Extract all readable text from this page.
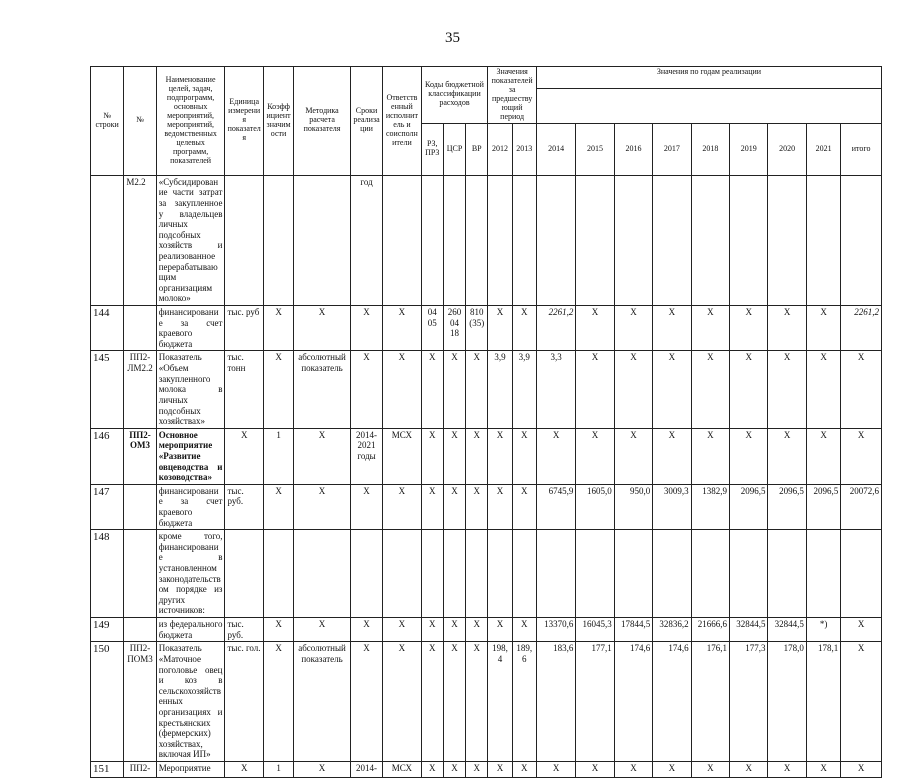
35
№ строки	№	Наименование целей, задач, подпрограмм, основных мероприятий, мероприятий, ведомственных целевых программ, показателей	Единица измерения показателя	Коэффициент значимости	Методика расчета показателя	Сроки реализации	Ответственный исполнитель и соисполнители	Коды бюджетной классификации расходов			Значения показателей за предшествующий период		Значения по годам реализации								

								РЗ, ПР3	ЦСР	ВР	2012	2013	2014	2015	2016	2017	2018	2019	2020	2021	итого
	М2.2	«Субсидирование части затрат за закупленное у владельцев личных подсобных хозяйств и реализованное перерабатывающим организациям молоко»				год															
144		финансирование за счет краевого бюджета	тыс. руб	X	X	X	X	04 05	26004 18	810 (35)	X	X	2261,2	X	X	X	X	X	X	X	2261,2
145	ПП2-ЛМ2.2	Показатель «Объем закупленного молока в личных подсобных хозяйствах»	тыс. тонн	X	абсолютный показатель	X	X	X	X	X	3,9	3,9	3,3	X	X	X	X	X	X	X	X
146	ПП2-ОМ3	Основное мероприятие «Развитие овцеводства и козоводства»	X	1	X	2014-2021 годы	МСХ	X	X	X	X	X	X	X	X	X	X	X	X	X	X
147		финансирование за счет краевого бюджета	тыс. руб.	X	X	X	X	X	X	X	X	X	6745,9	1605,0	950,0	3009,3	1382,9	2096,5	2096,5	2096,5	20072,6
148		кроме того, финансирование в установленном законодательством порядке из других источников:																			
149		из федерального бюджета	тыс. руб.	X	X	X	X	X	X	X	X	X	13370,6	16045,3	17844,5	32836,2	21666,6	32844,5	32844,5	*)	X
150	ПП2-ПОМ3	Показатель «Маточное поголовье овец и коз в сельскохозяйственных организациях и крестьянских (фермерских) хозяйствах, включая ИП»	тыс. гол.	X	абсолютный показатель	X	X	X	X	X	198,4	189,6	183,6	177,1	174,6	174,6	176,1	177,3	178,0	178,1	X
151	ПП2-	Мероприятие	X	1	X	2014-	МСХ	X	X	X	X	X	X	X	X	X	X	X	X	X	X
